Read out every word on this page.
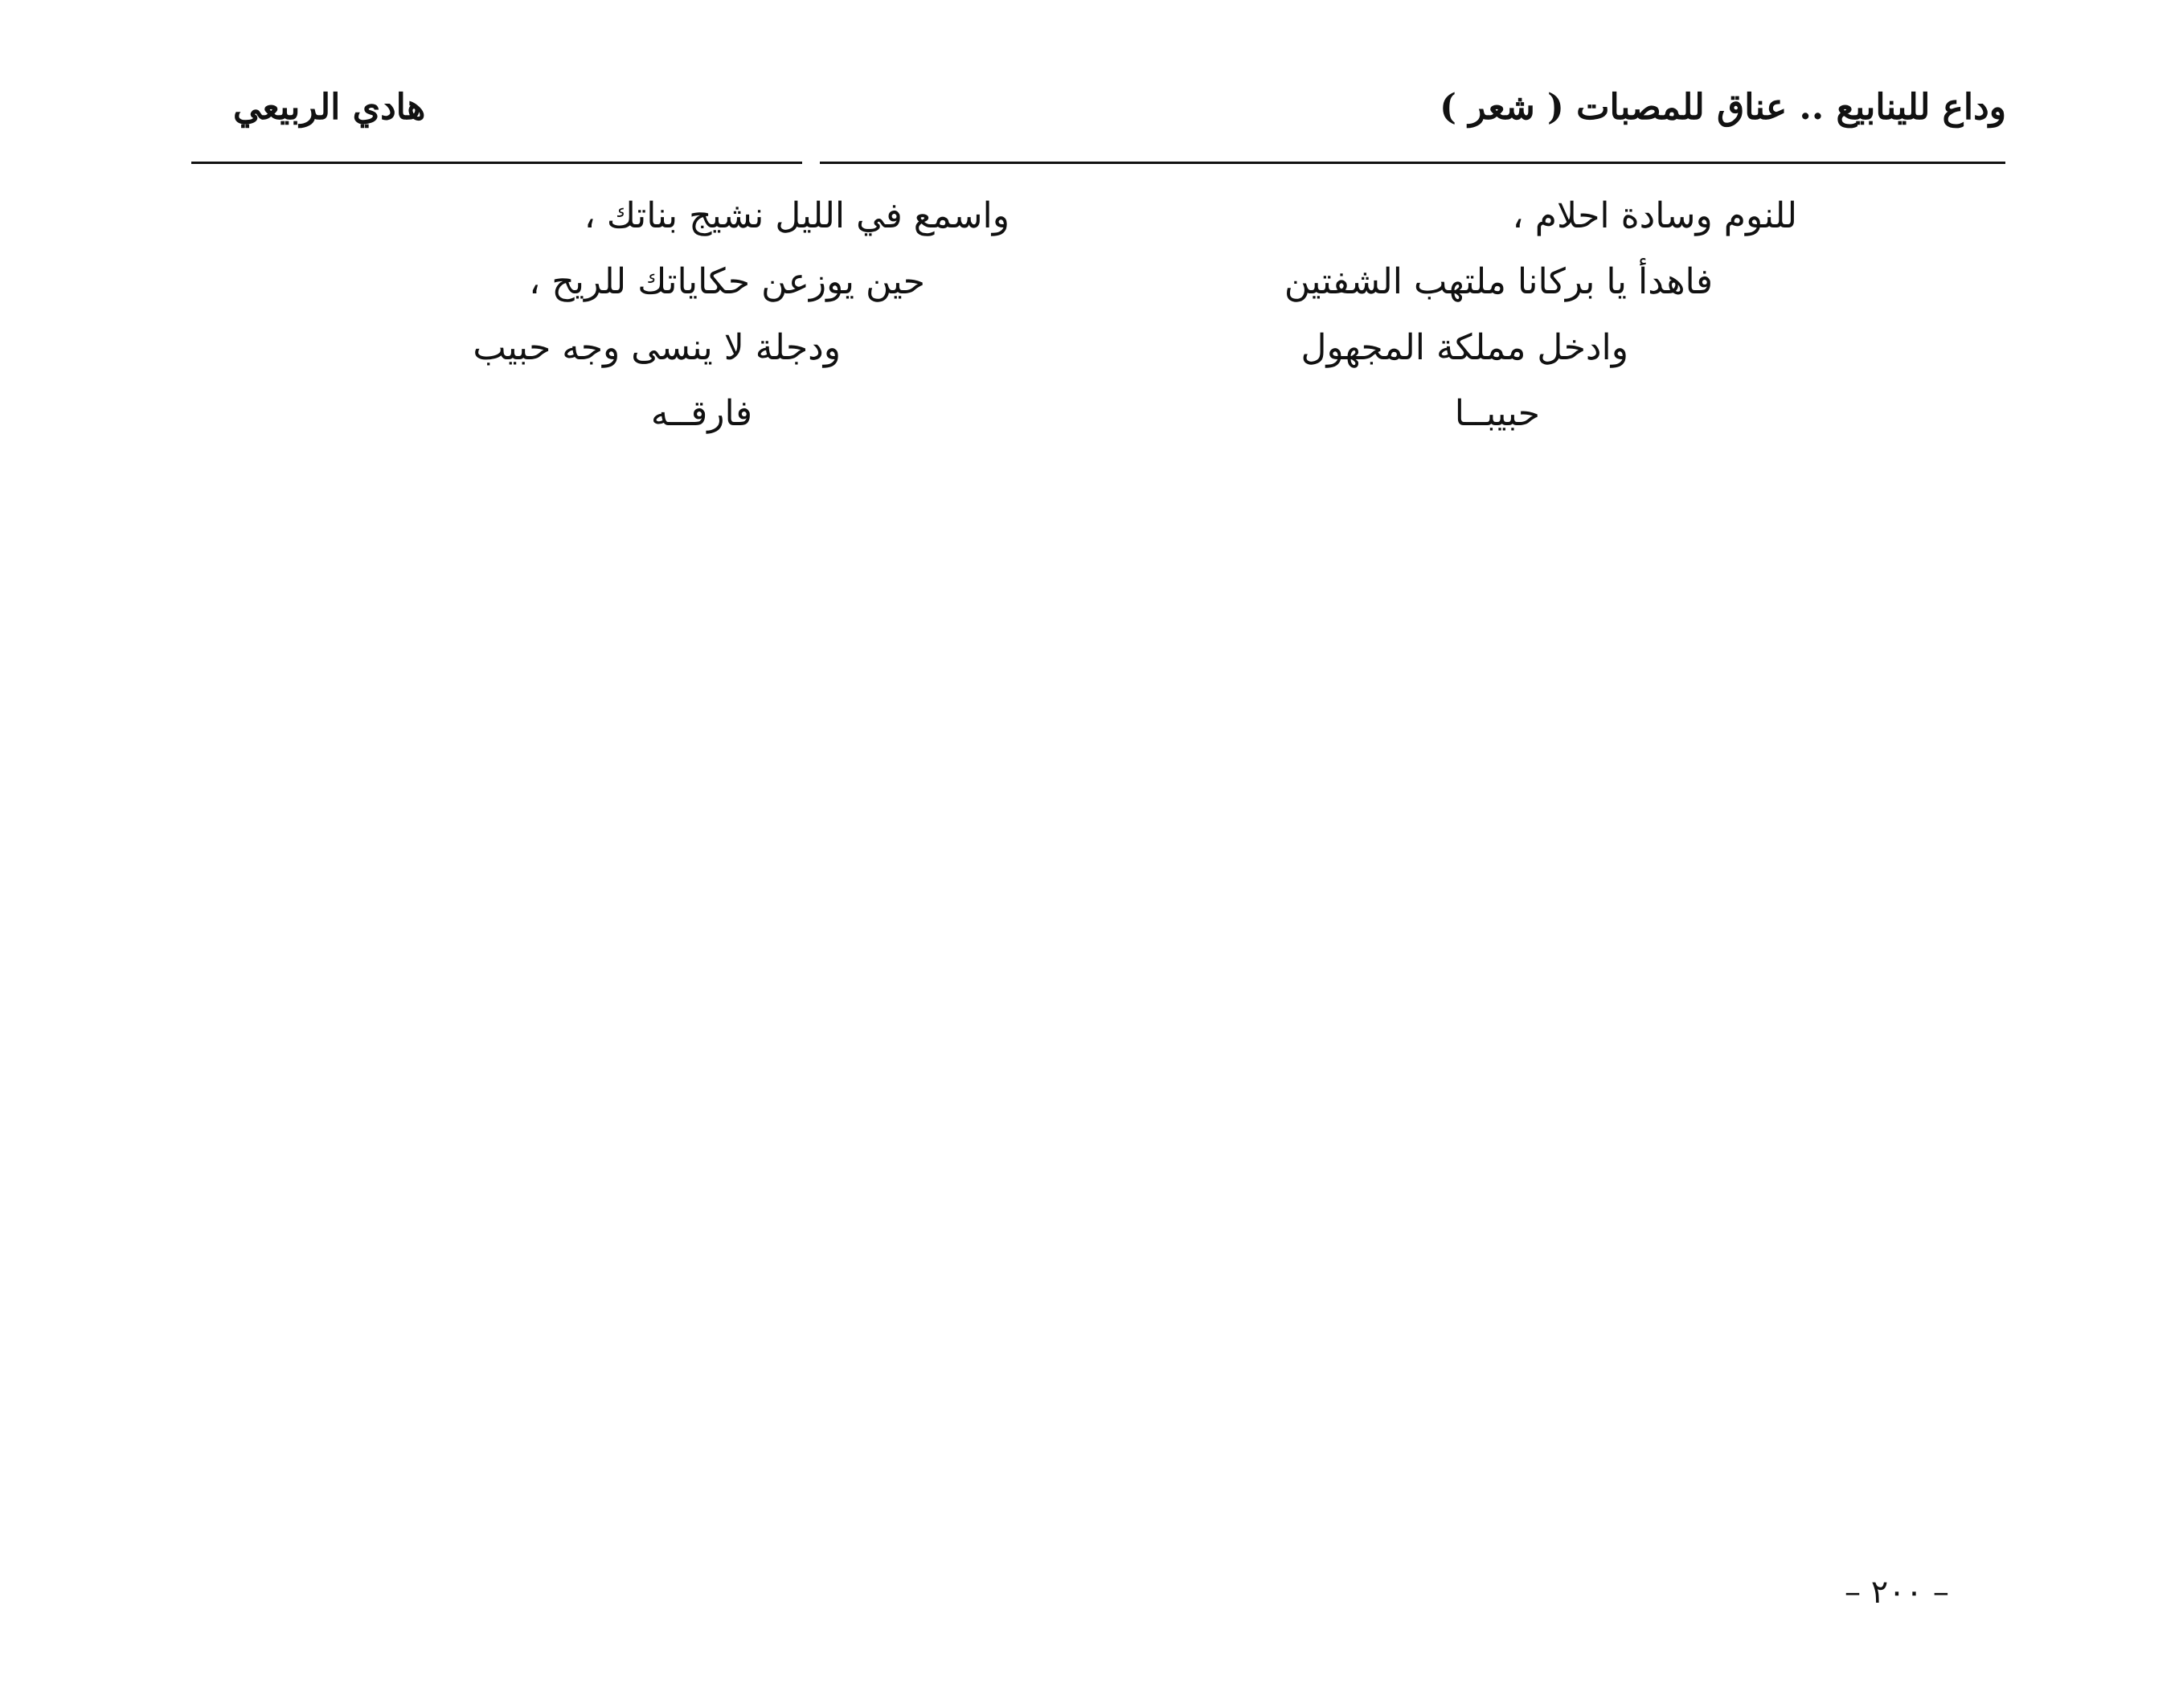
وداع للينابيع .. عناق للمصبات ( شعر )
هادي الربيعي
للنوم وسادة احلام ،
فاهدأ يا بركانا ملتهب الشفتين
وادخل مملكة المجهول
حبيبــا
واسمع في الليل نشيج بناتك ،
حين يوزعن حكاياتك للريح ،
ودجلة لا ينسى وجه حبيب
فارقــه
– ٢٠٠ –
